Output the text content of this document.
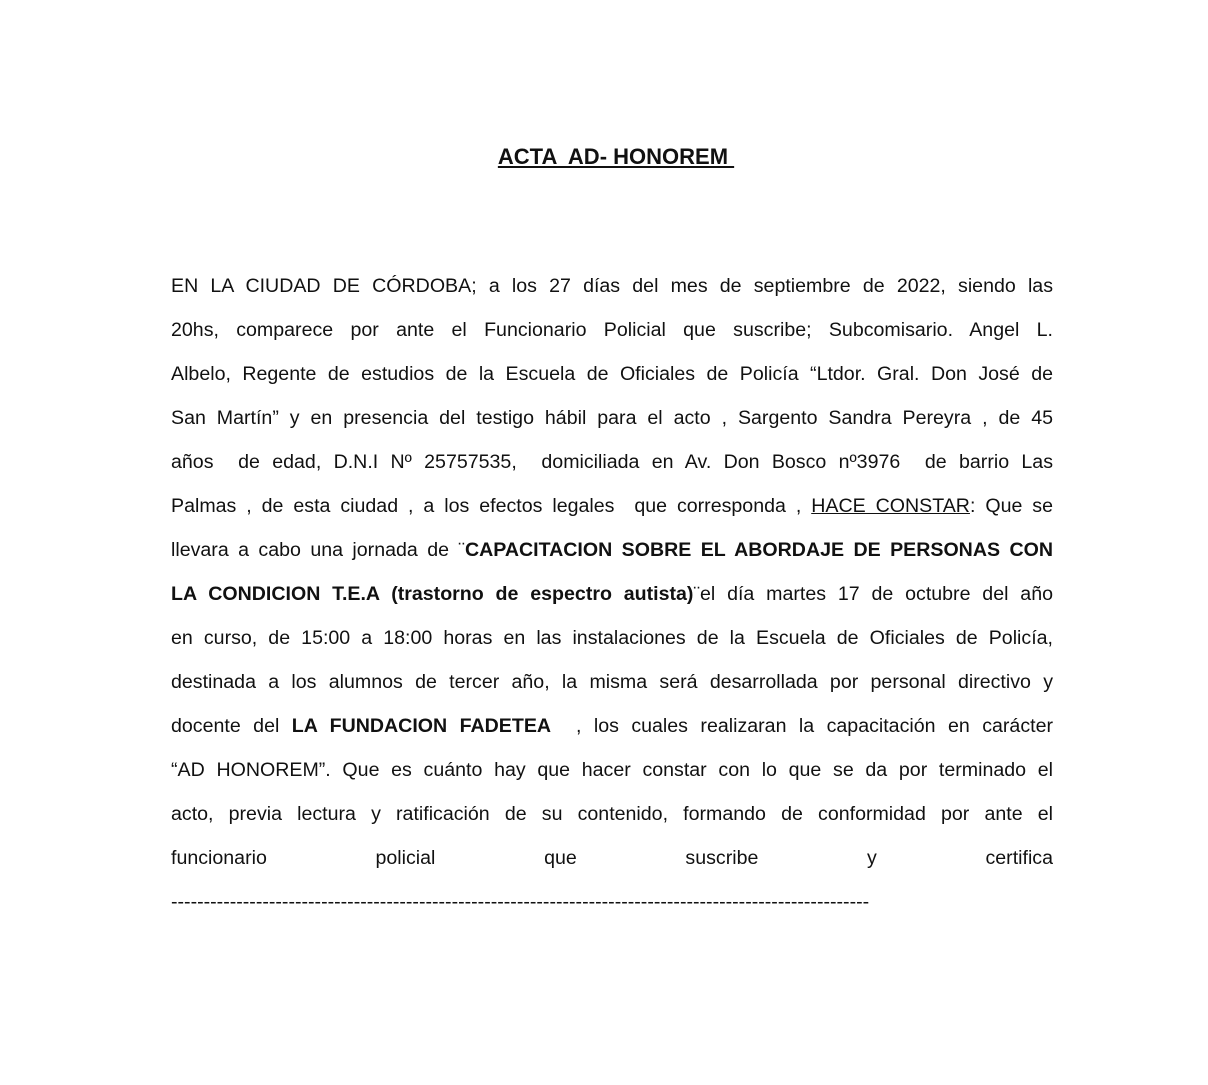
ACTA  AD- HONOREM
EN LA CIUDAD DE CÓRDOBA; a los 27 días del mes de septiembre de 2022, siendo las
20hs, comparece por ante el Funcionario Policial que suscribe; Subcomisario. Angel L.
Albelo, Regente de estudios de la Escuela de Oficiales de Policía “Ltdor. Gral. Don José de
San Martín” y en presencia del testigo hábil para el acto , Sargento Sandra Pereyra , de 45
años  de edad, D.N.I Nº 25757535,  domiciliada en Av. Don Bosco nº3976  de barrio Las
Palmas , de esta ciudad , a los efectos legales  que corresponda , HACE CONSTAR: Que se
llevara a cabo una jornada de ¨CAPACITACION SOBRE EL ABORDAJE DE PERSONAS CON
LA CONDICION T.E.A (trastorno de espectro autista)¨el día martes 17 de octubre del año
en curso, de 15:00 a 18:00 horas en las instalaciones de la Escuela de Oficiales de Policía,
destinada a los alumnos de tercer año, la misma será desarrollada por personal directivo y
docente del LA FUNDACION FADETEA  , los cuales realizaran la capacitación en carácter
“AD HONOREM”. Que es cuánto hay que hacer constar con lo que se da por terminado el
acto, previa lectura y ratificación de su contenido, formando de conformidad por ante el
funcionario policial que suscribe y certifica
-----------------------------------------------------------------------------------------------------------
